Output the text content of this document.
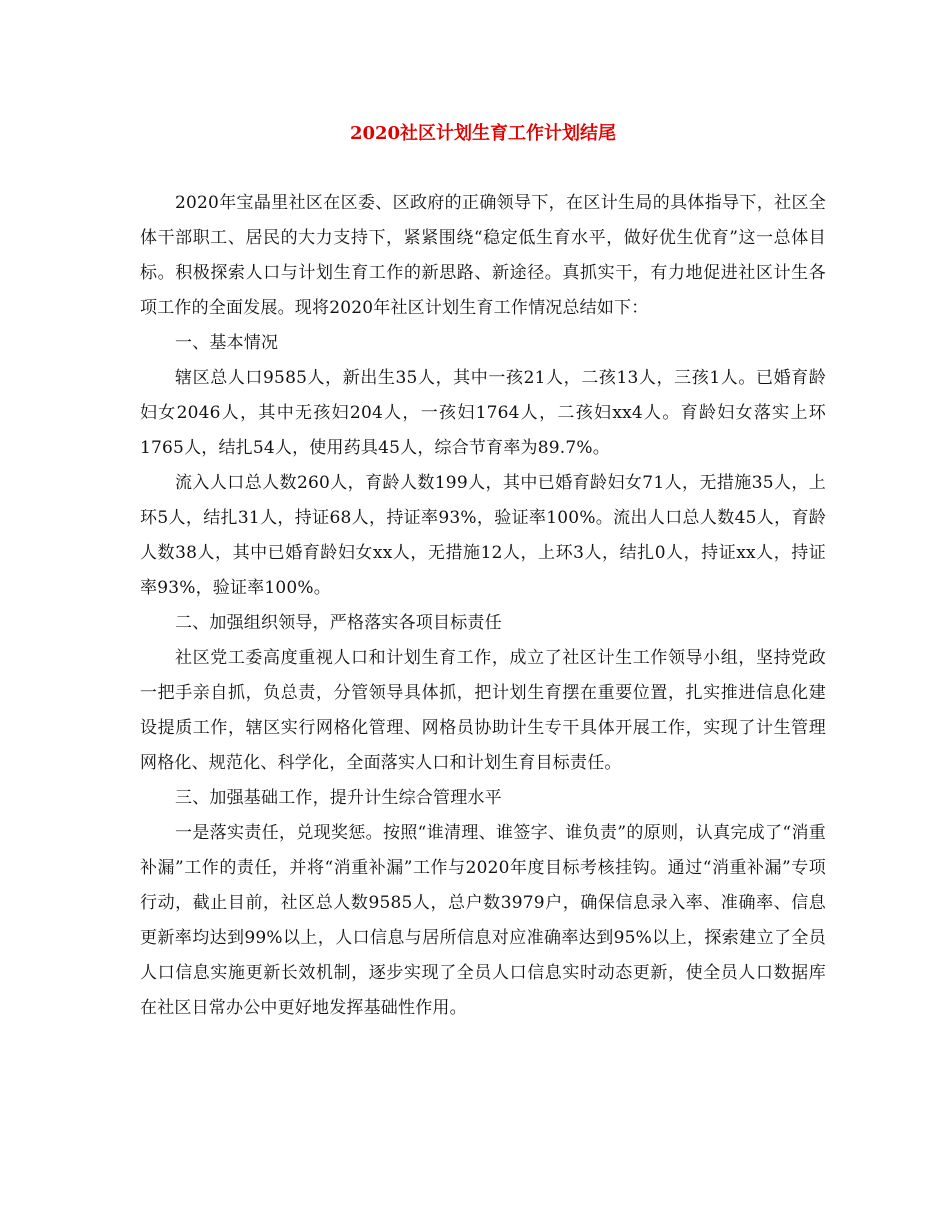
2020社区计划生育工作计划结尾

2020年宝晶里社区在区委、区政府的正确领导下，在区计生局的具体指导下，社区全体干部职工、居民的大力支持下，紧紧围绕“稳定低生育水平，做好优生优育”这一总体目标。积极探索人口与计划生育工作的新思路、新途径。真抓实干，有力地促进社区计生各项工作的全面发展。现将2020年社区计划生育工作情况总结如下：

一、基本情况

辖区总人口9585人，新出生35人，其中一孩21人，二孩13人，三孩1人。已婚育龄妇女2046人，其中无孩妇204人，一孩妇1764人，二孩妇xx4人。育龄妇女落实上环1765人，结扎54人，使用药具45人，综合节育率为89.7%。

流入人口总人数260人，育龄人数199人，其中已婚育龄妇女71人，无措施35人，上环5人，结扎31人，持证68人，持证率93%，验证率100%。流出人口总人数45人，育龄人数38人，其中已婚育龄妇女xx人，无措施12人，上环3人，结扎0人，持证xx人，持证率93%，验证率100%。

二、加强组织领导，严格落实各项目标责任

社区党工委高度重视人口和计划生育工作，成立了社区计生工作领导小组，坚持党政一把手亲自抓，负总责，分管领导具体抓，把计划生育摆在重要位置，扎实推进信息化建设提质工作，辖区实行网格化管理、网格员协助计生专干具体开展工作，实现了计生管理网格化、规范化、科学化，全面落实人口和计划生育目标责任。

三、加强基础工作，提升计生综合管理水平

一是落实责任，兑现奖惩。按照“谁清理、谁签字、谁负责”的原则，认真完成了“消重补漏”工作的责任，并将“消重补漏”工作与2020年度目标考核挂钩。通过“消重补漏”专项行动，截止目前，社区总人数9585人，总户数3979户，确保信息录入率、准确率、信息更新率均达到99%以上，人口信息与居所信息对应准确率达到95%以上，探索建立了全员人口信息实施更新长效机制，逐步实现了全员人口信息实时动态更新，使全员人口数据库在社区日常办公中更好地发挥基础性作用。
